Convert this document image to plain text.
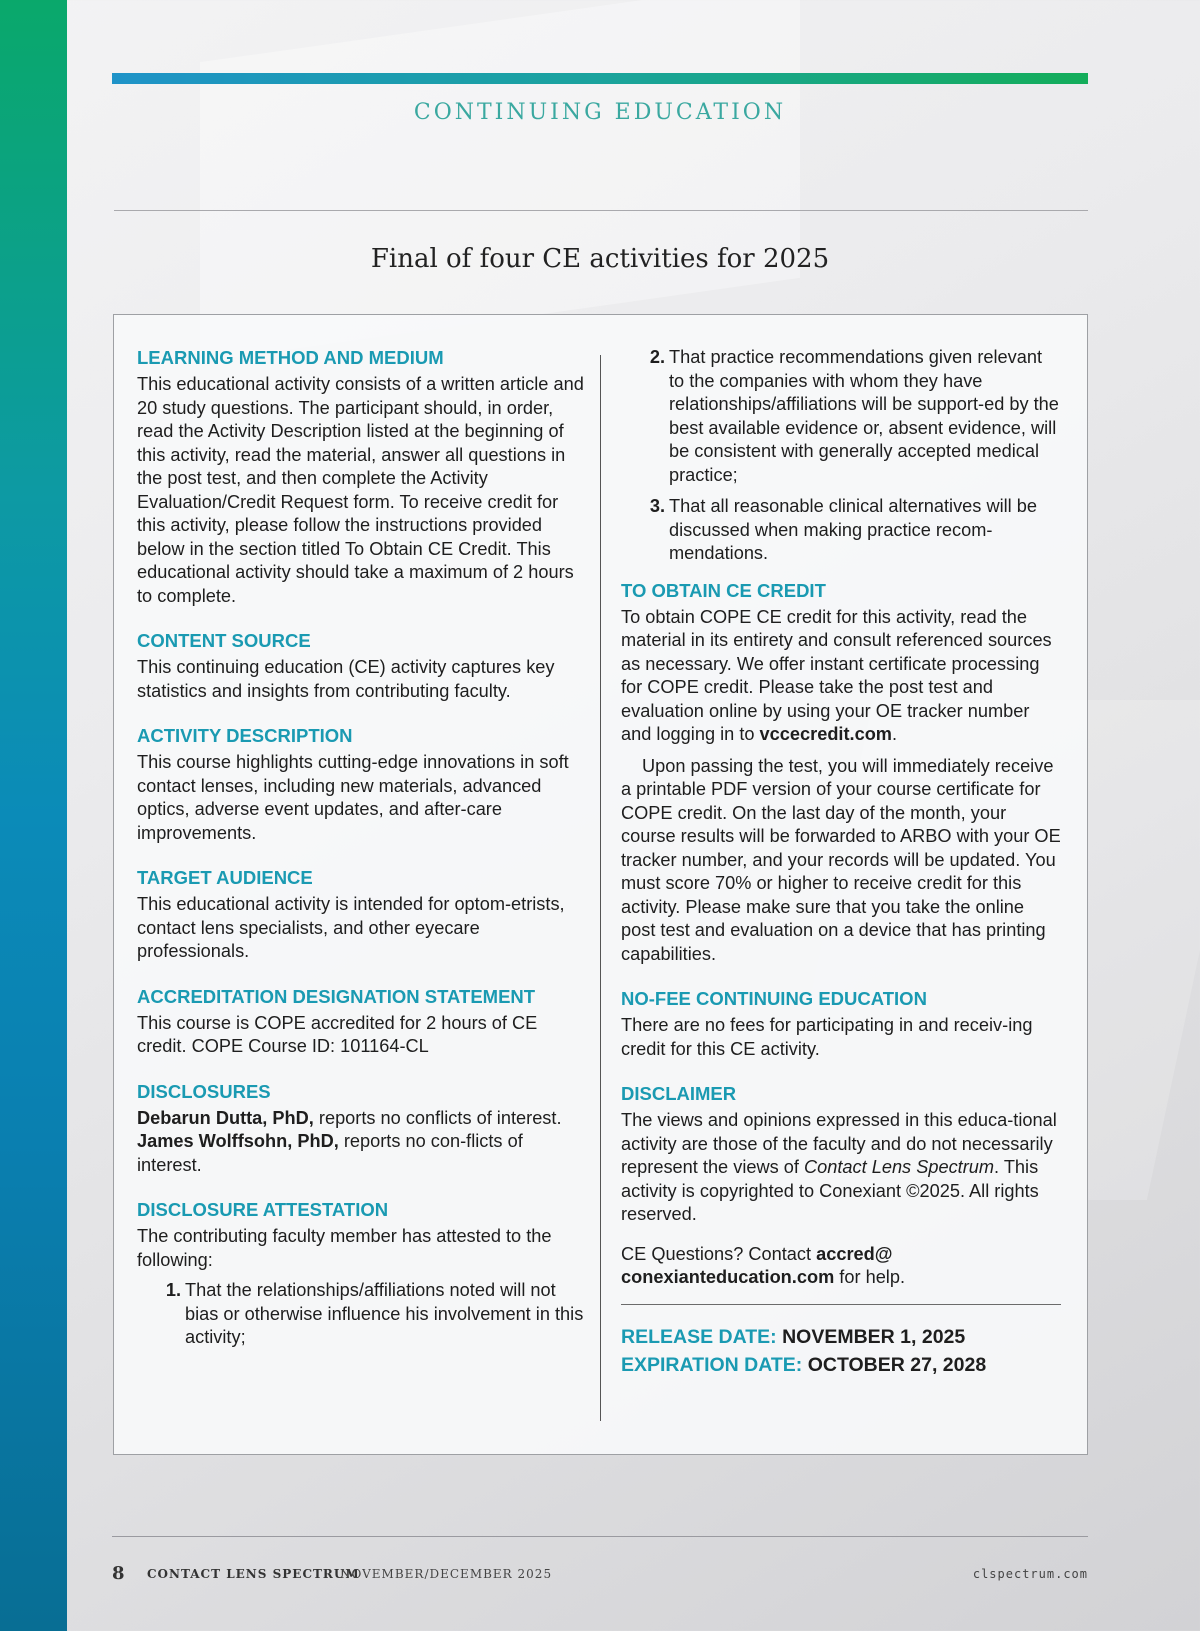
CONTINUING EDUCATION
Final of four CE activities for 2025
LEARNING METHOD AND MEDIUM

This educational activity consists of a written article and 20 study questions. The participant should, in order, read the Activity Description listed at the beginning of this activity, read the material, answer all questions in the post test, and then complete the Activity Evaluation/Credit Request form. To receive credit for this activity, please follow the instructions provided below in the section titled To Obtain CE Credit. This educational activity should take a maximum of 2 hours to complete.

CONTENT SOURCE

This continuing education (CE) activity captures key statistics and insights from contributing faculty.

ACTIVITY DESCRIPTION

This course highlights cutting-edge innovations in soft contact lenses, including new materials, advanced optics, adverse event updates, and after-care improvements.

TARGET AUDIENCE

This educational activity is intended for optom-etrists, contact lens specialists, and other eyecare professionals.

ACCREDITATION DESIGNATION STATEMENT

This course is COPE accredited for 2 hours of CE credit. COPE Course ID: 101164-CL

DISCLOSURES

Debarun Dutta, PhD, reports no conflicts of interest. James Wolffsohn, PhD, reports no con-flicts of interest.

DISCLOSURE ATTESTATION

The contributing faculty member has attested to the following:

1. That the relationships/affiliations noted will not bias or otherwise influence his involvement in this activity;
2. That practice recommendations given relevant to the companies with whom they have relationships/affiliations will be support-ed by the best available evidence or, absent evidence, will be consistent with generally accepted medical practice;
3. That all reasonable clinical alternatives will be discussed when making practice recom-mendations.
TO OBTAIN CE CREDIT

To obtain COPE CE credit for this activity, read the material in its entirety and consult referenced sources as necessary. We offer instant certificate processing for COPE credit. Please take the post test and evaluation online by using your OE tracker number and logging in to vccecredit.com.

Upon passing the test, you will immediately receive a printable PDF version of your course certificate for COPE credit. On the last day of the month, your course results will be forwarded to ARBO with your OE tracker number, and your records will be updated. You must score 70% or higher to receive credit for this activity. Please make sure that you take the online post test and evaluation on a device that has printing capabilities.

NO-FEE CONTINUING EDUCATION

There are no fees for participating in and receiv-ing credit for this CE activity.

DISCLAIMER

The views and opinions expressed in this educa-tional activity are those of the faculty and do not necessarily represent the views of Contact Lens Spectrum. This activity is copyrighted to Conexiant ©2025. All rights reserved.

CE Questions? Contact accred@ conexianteducation.com for help.

RELEASE DATE: NOVEMBER 1, 2025
EXPIRATION DATE: OCTOBER 27, 2028
8 CONTACT LENS SPECTRUM
NOVEMBER/DECEMBER 2025	clspectrum.com
